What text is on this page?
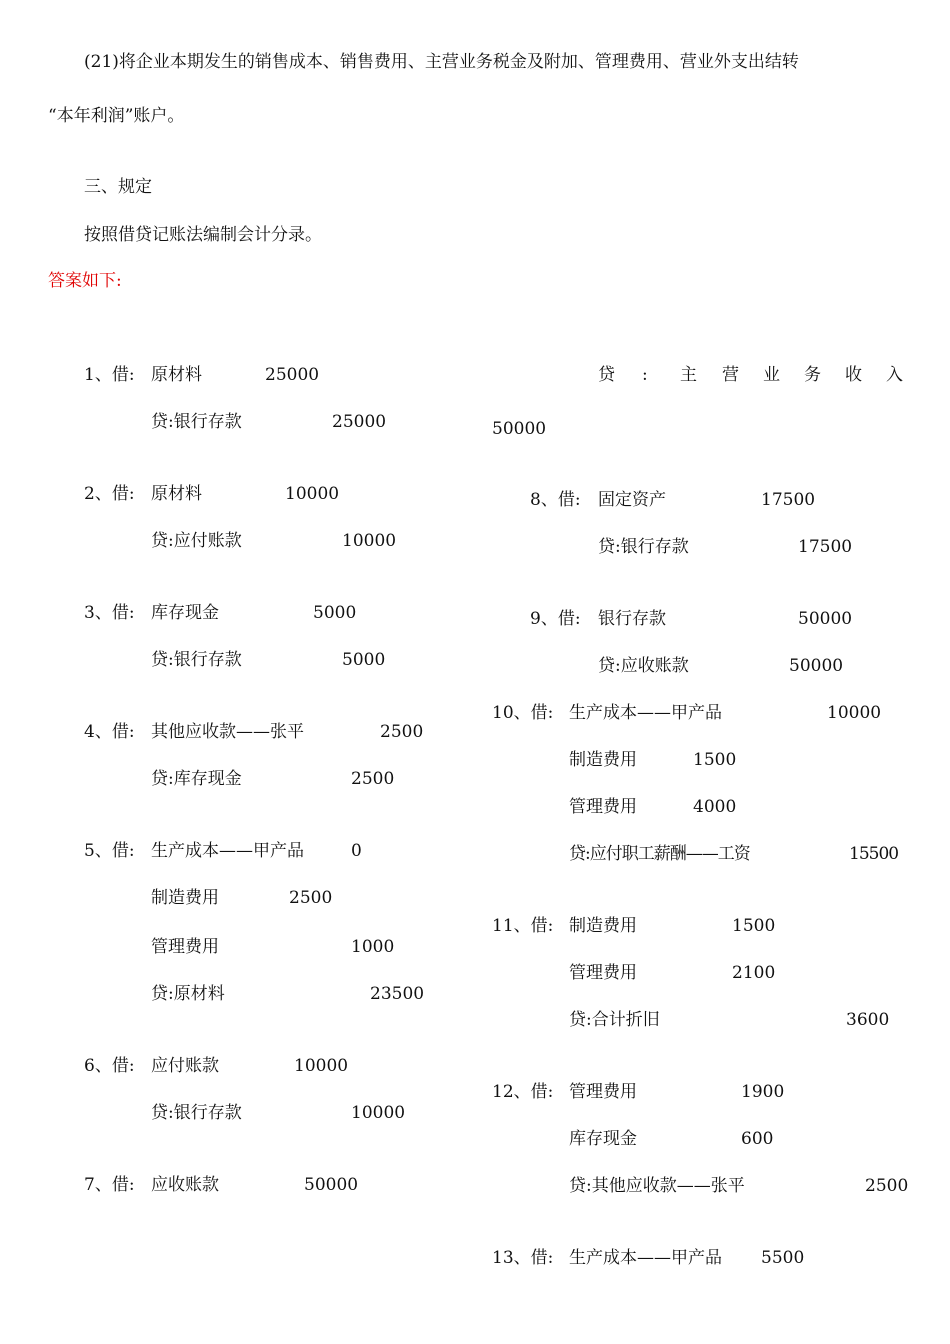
(21)将企业本期发生的销售成本、销售费用、主营业务税金及附加、管理费用、营业外支出结转
“本年利润”账户。
三、规定
按照借贷记账法编制会计分录。
答案如下:
1、借: 原材料	25000
贷:银行存款	25000
2、借: 原材料	10000
贷:应付账款	10000
3、借: 库存现金	5000
贷:银行存款	5000
4、借: 其他应收款——张平	2500
贷:库存现金	2500
5、借: 生产成本——甲产品	0
制造费用	2500
管理费用	1000
贷:原材料	23500
6、借: 应付账款	10000
贷:银行存款	10000
7、借: 应收账款	50000
贷 : 主 营 业 务 收 入
50000
8、借: 固定资产	17500
贷:银行存款	17500
9、借: 银行存款	50000
贷:应收账款	50000
10、借: 生产成本——甲产品	10000
制造费用	1500
管理费用	4000
贷:应付职工薪酬——工资	15500
11、借: 制造费用	1500
管理费用	2100
贷:合计折旧	3600
12、借: 管理费用	1900
库存现金	600
贷:其他应收款——张平	2500
13、借: 生产成本——甲产品 5500
